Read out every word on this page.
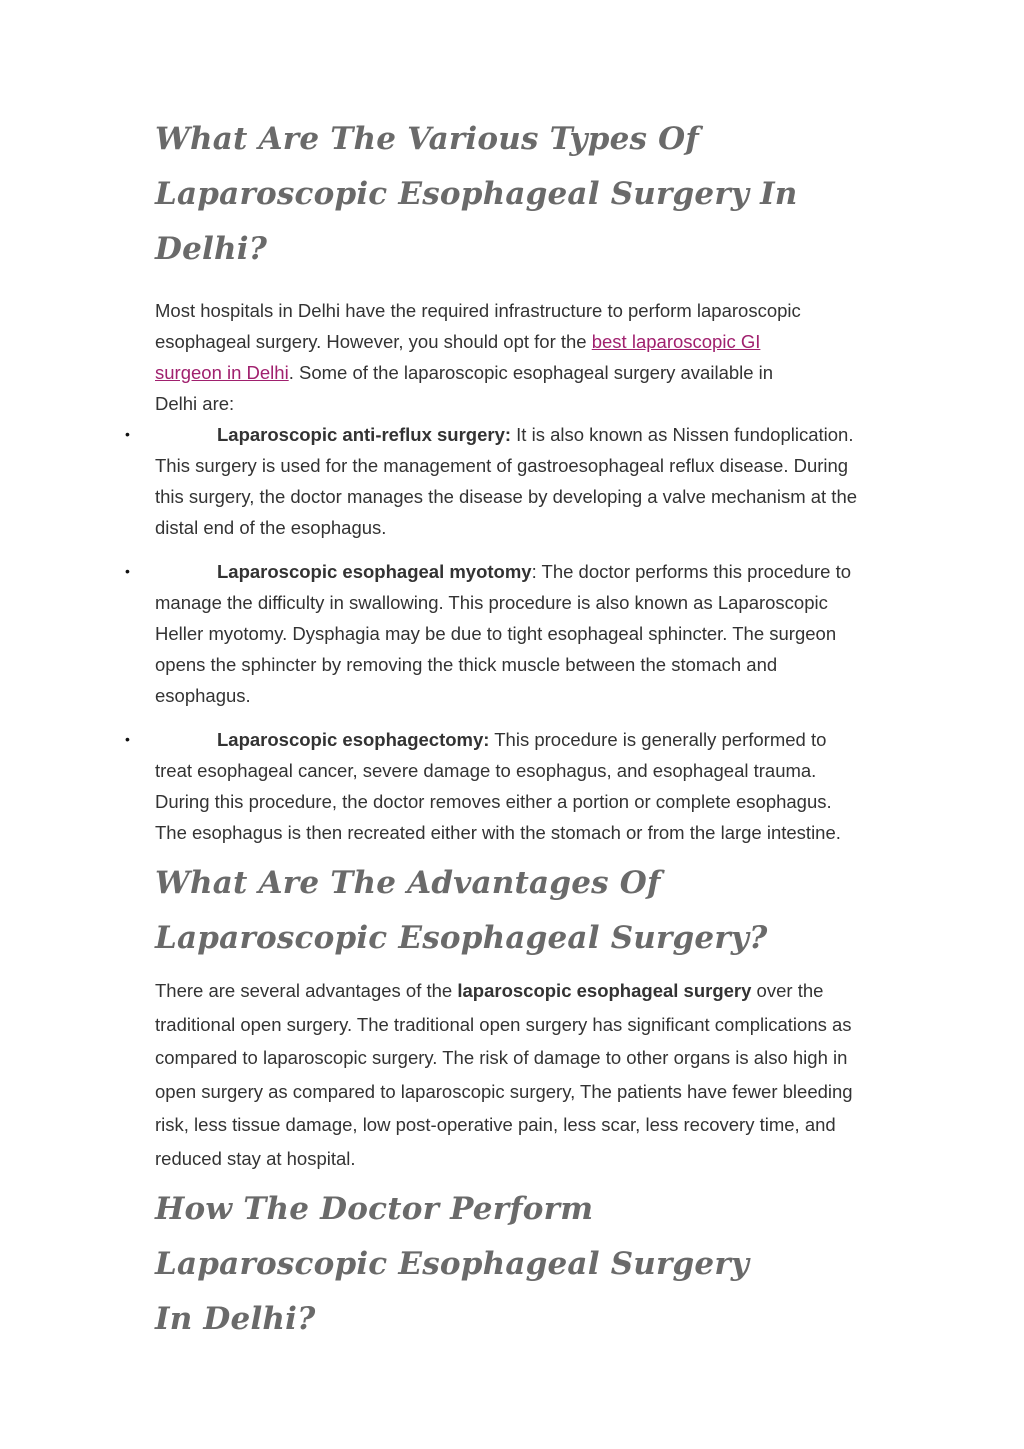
What Are The Various Types Of Laparoscopic Esophageal Surgery In Delhi?

Most hospitals in Delhi have the required infrastructure to perform laparoscopic esophageal surgery. However, you should opt for the best laparoscopic GI surgeon in Delhi. Some of the laparoscopic esophageal surgery available in Delhi are:

•	Laparoscopic anti-reflux surgery: It is also known as Nissen fundoplication. This surgery is used for the management of gastroesophageal reflux disease. During this surgery, the doctor manages the disease by developing a valve mechanism at the distal end of the esophagus.
•	Laparoscopic esophageal myotomy: The doctor performs this procedure to manage the difficulty in swallowing. This procedure is also known as Laparoscopic Heller myotomy. Dysphagia may be due to tight esophageal sphincter. The surgeon opens the sphincter by removing the thick muscle between the stomach and esophagus.
•	Laparoscopic esophagectomy: This procedure is generally performed to treat esophageal cancer, severe damage to esophagus, and esophageal trauma. During this procedure, the doctor removes either a portion or complete esophagus. The esophagus is then recreated either with the stomach or from the large intestine.
What Are The Advantages Of Laparoscopic Esophageal Surgery?

There are several advantages of the laparoscopic esophageal surgery over the traditional open surgery. The traditional open surgery has significant complications as compared to laparoscopic surgery. The risk of damage to other organs is also high in open surgery as compared to laparoscopic surgery, The patients have fewer bleeding risk, less tissue damage, low post-operative pain, less scar, less recovery time, and reduced stay at hospital.

How The Doctor Perform Laparoscopic Esophageal Surgery In Delhi?
